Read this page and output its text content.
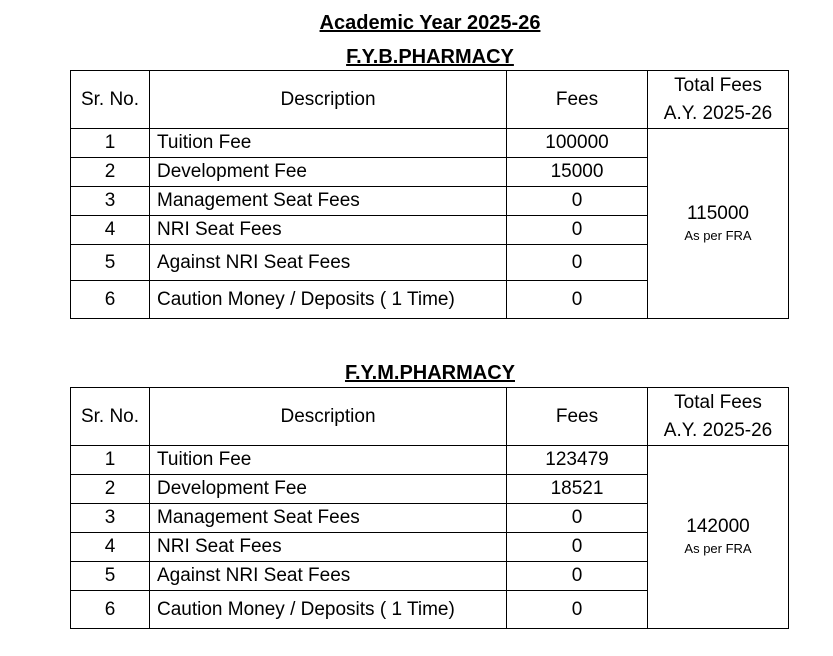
Academic Year 2025-26
F.Y.B.PHARMACY
Sr. No.	Description	Fees	Total Fees
A.Y. 2025-26
1	Tuition Fee	100000	115000
As per FRA

2	Development Fee	15000	
3	Management Seat Fees	0	
4	NRI Seat Fees	0	
5	Against NRI Seat Fees	0	
6	Caution Money / Deposits ( 1 Time)	0	
F.Y.M.PHARMACY
Sr. No.	Description	Fees	Total Fees
A.Y. 2025-26
1	Tuition Fee	123479	142000
As per FRA

2	Development Fee	18521	
3	Management Seat Fees	0	
4	NRI Seat Fees	0	
5	Against NRI Seat Fees	0	
6	Caution Money / Deposits ( 1 Time)	0	
